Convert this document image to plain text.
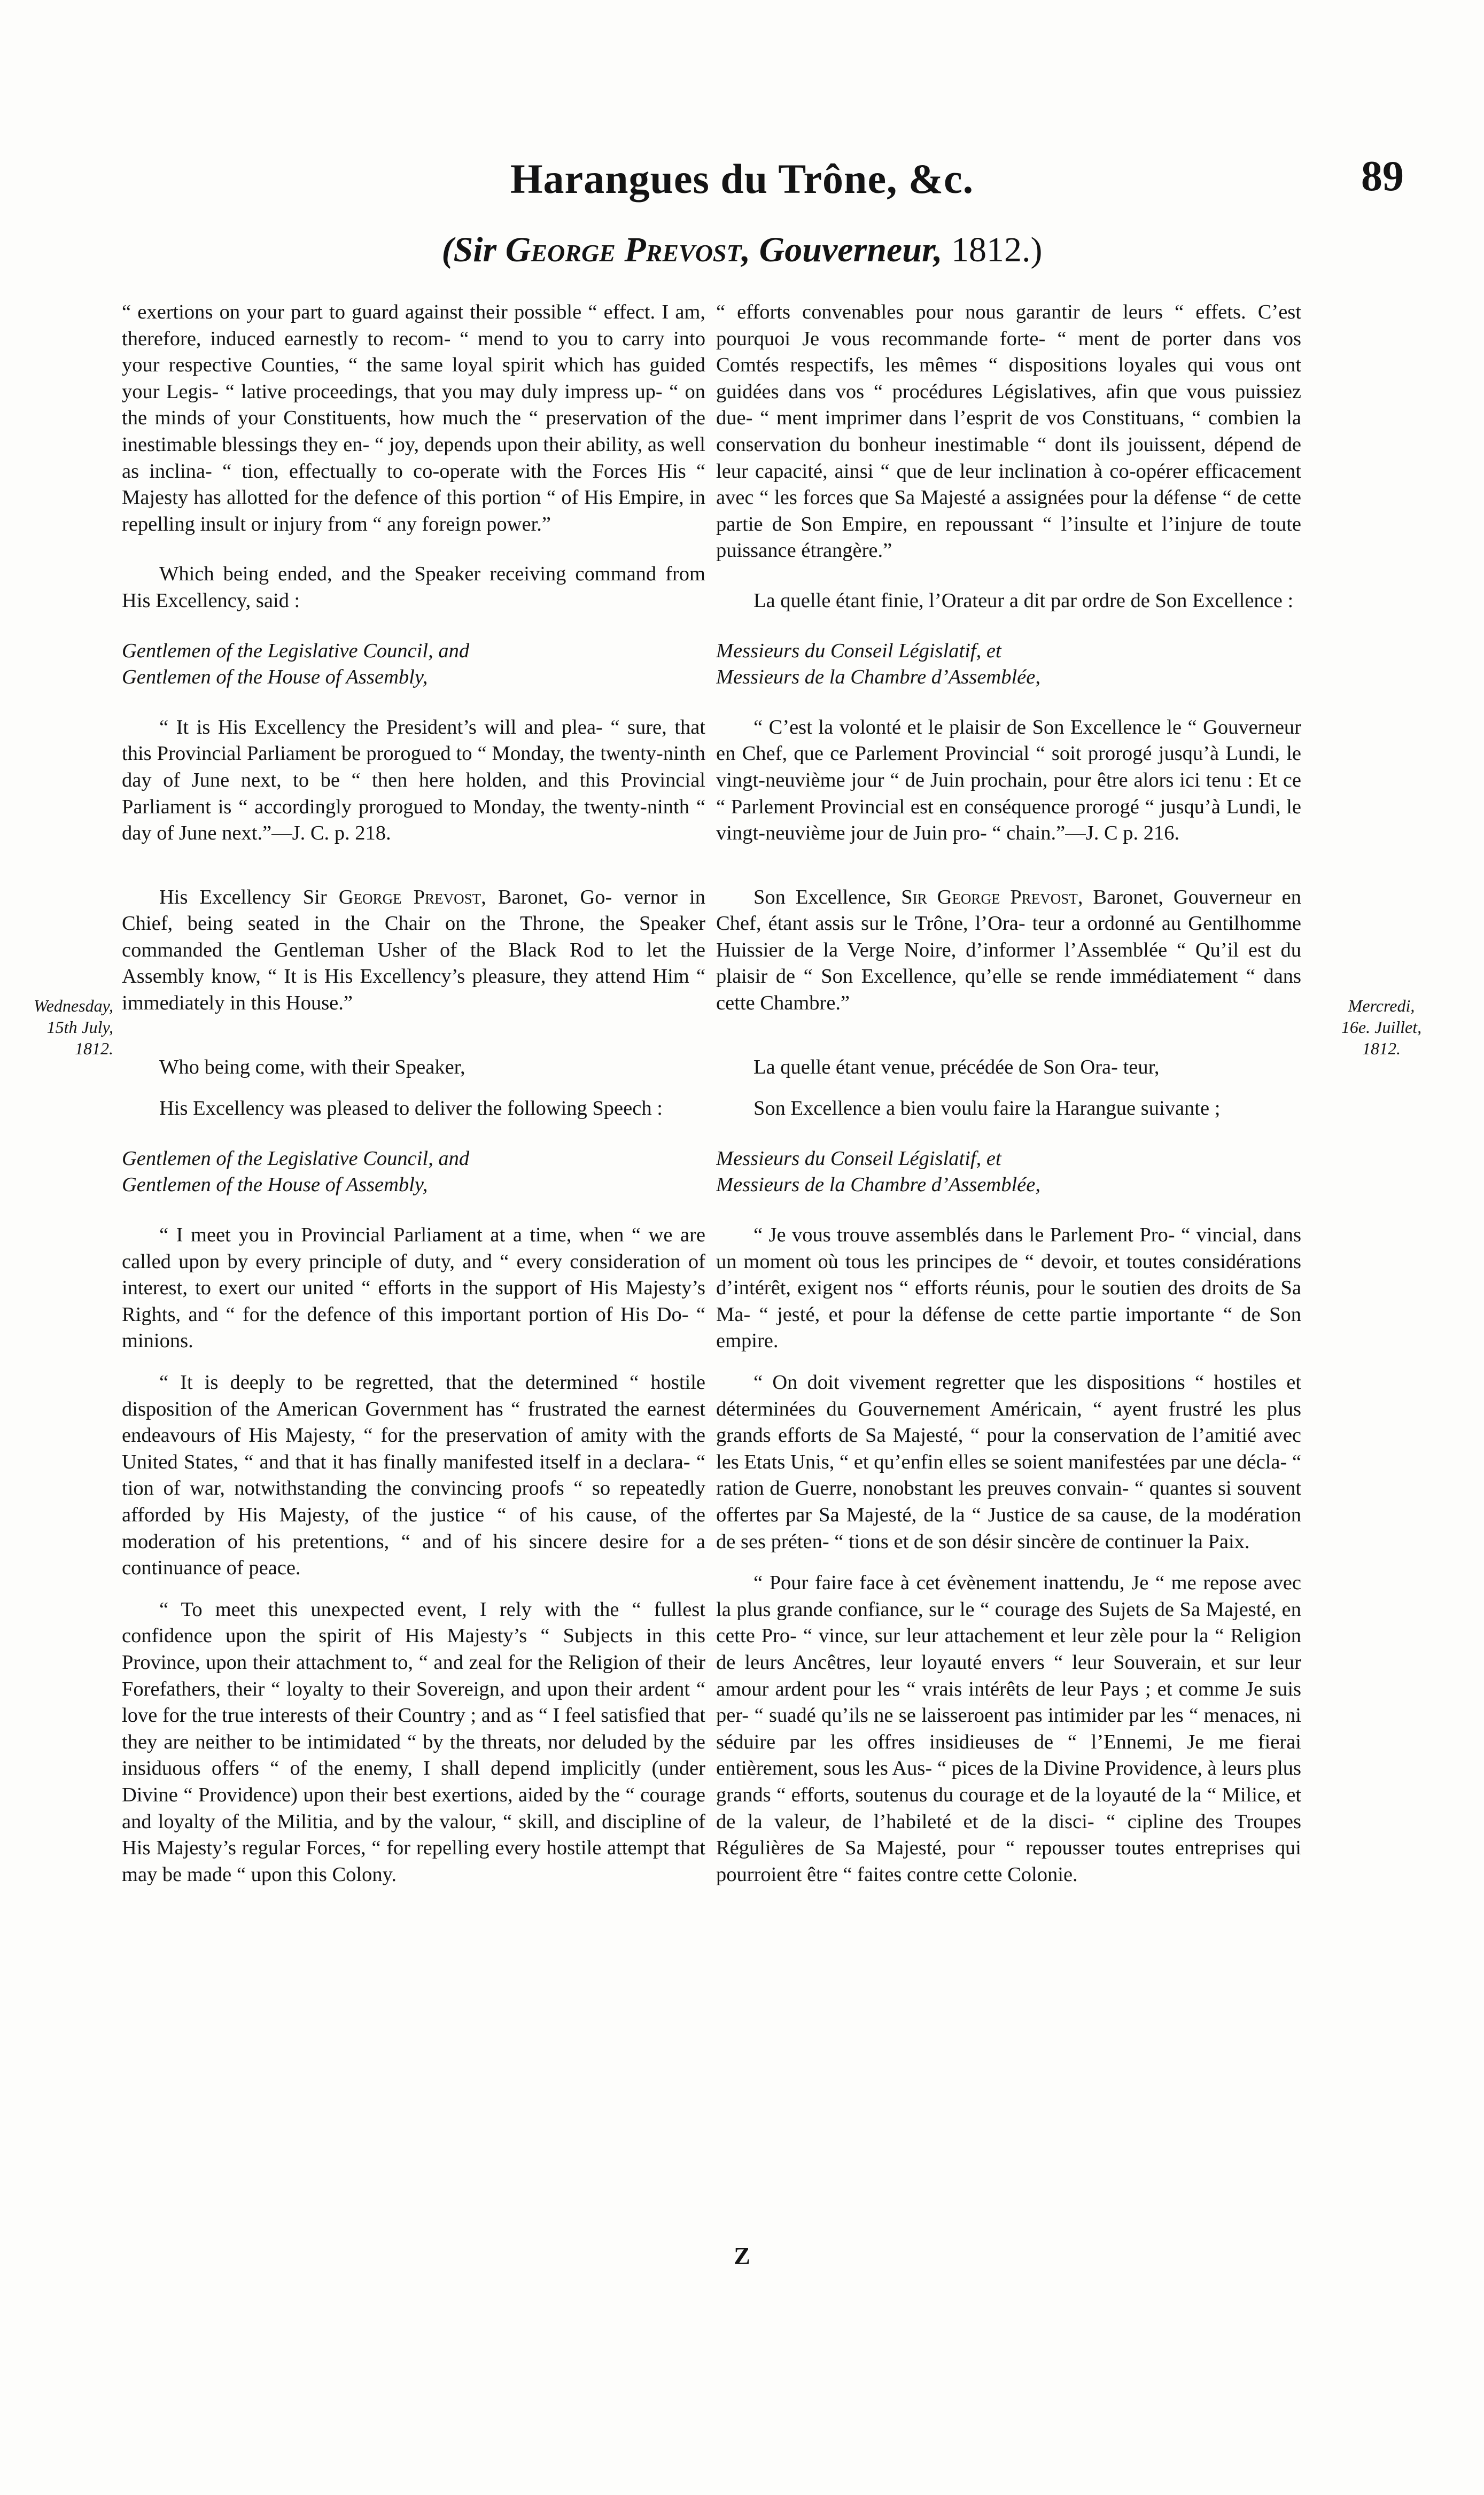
Harangues du Trône, &c.	89
(Sir George Prevost, Gouverneur, 1812.)
Wednesday,
15th July,
1812.
Mercredi,
16e. Juillet,
1812.

“ exertions on your part to guard against their possible “ effect. I am, therefore, induced earnestly to recom- “ mend to you to carry into your respective Counties, “ the same loyal spirit which has guided your Legis- “ lative proceedings, that you may duly impress up- “ on the minds of your Constituents, how much the “ preservation of the inestimable blessings they en- “ joy, depends upon their ability, as well as inclina- “ tion, effectually to co-operate with the Forces His “ Majesty has allotted for the defence of this portion “ of His Empire, in repelling insult or injury from “ any foreign power.”

Which being ended, and the Speaker receiving command from His Excellency, said :

Gentlemen of the Legislative Council, and

Gentlemen of the House of Assembly,

“ It is His Excellency the President’s will and plea- “ sure, that this Provincial Parliament be prorogued to “ Monday, the twenty-ninth day of June next, to be “ then here holden, and this Provincial Parliament is “ accordingly prorogued to Monday, the twenty-ninth “ day of June next.”—J. C. p. 218.

His Excellency Sir George Prevost, Baronet, Go- vernor in Chief, being seated in the Chair on the Throne, the Speaker commanded the Gentleman Usher of the Black Rod to let the Assembly know, “ It is His Excellency’s pleasure, they attend Him “ immediately in this House.”

Who being come, with their Speaker,

His Excellency was pleased to deliver the following Speech :

Gentlemen of the Legislative Council, and

Gentlemen of the House of Assembly,

“ I meet you in Provincial Parliament at a time, when “ we are called upon by every principle of duty, and “ every consideration of interest, to exert our united “ efforts in the support of His Majesty’s Rights, and “ for the defence of this important portion of His Do- “ minions.

“ It is deeply to be regretted, that the determined “ hostile disposition of the American Government has “ frustrated the earnest endeavours of His Majesty, “ for the preservation of amity with the United States, “ and that it has finally manifested itself in a declara- “ tion of war, notwithstanding the convincing proofs “ so repeatedly afforded by His Majesty, of the justice “ of his cause, of the moderation of his pretentions, “ and of his sincere desire for a continuance of peace.

“ To meet this unexpected event, I rely with the “ fullest confidence upon the spirit of His Majesty’s “ Subjects in this Province, upon their attachment to, “ and zeal for the Religion of their Forefathers, their “ loyalty to their Sovereign, and upon their ardent “ love for the true interests of their Country ; and as “ I feel satisfied that they are neither to be intimidated “ by the threats, nor deluded by the insiduous offers “ of the enemy, I shall depend implicitly (under Divine “ Providence) upon their best exertions, aided by the “ courage and loyalty of the Militia, and by the valour, “ skill, and discipline of His Majesty’s regular Forces, “ for repelling every hostile attempt that may be made “ upon this Colony.

“ efforts convenables pour nous garantir de leurs “ effets. C’est pourquoi Je vous recommande forte- “ ment de porter dans vos Comtés respectifs, les mêmes “ dispositions loyales qui vous ont guidées dans vos “ procédures Législatives, afin que vous puissiez due- “ ment imprimer dans l’esprit de vos Constituans, “ combien la conservation du bonheur inestimable “ dont ils jouissent, dépend de leur capacité, ainsi “ que de leur inclination à co-opérer efficacement avec “ les forces que Sa Majesté a assignées pour la défense “ de cette partie de Son Empire, en repoussant “ l’insulte et l’injure de toute puissance étrangère.”

La quelle étant finie, l’Orateur a dit par ordre de Son Excellence :

Messieurs du Conseil Législatif, et

Messieurs de la Chambre d’Assemblée,

“ C’est la volonté et le plaisir de Son Excellence le “ Gouverneur en Chef, que ce Parlement Provincial “ soit prorogé jusqu’à Lundi, le vingt-neuvième jour “ de Juin prochain, pour être alors ici tenu : Et ce “ Parlement Provincial est en conséquence prorogé “ jusqu’à Lundi, le vingt-neuvième jour de Juin pro- “ chain.”—J. C p. 216.

Son Excellence, Sir George Prevost, Baronet, Gouverneur en Chef, étant assis sur le Trône, l’Ora- teur a ordonné au Gentilhomme Huissier de la Verge Noire, d’informer l’Assemblée “ Qu’il est du plaisir de “ Son Excellence, qu’elle se rende immédiatement “ dans cette Chambre.”

La quelle étant venue, précédée de Son Ora- teur,

Son Excellence a bien voulu faire la Harangue suivante ;

Messieurs du Conseil Législatif, et

Messieurs de la Chambre d’Assemblée,

“ Je vous trouve assemblés dans le Parlement Pro- “ vincial, dans un moment où tous les principes de “ devoir, et toutes considérations d’intérêt, exigent nos “ efforts réunis, pour le soutien des droits de Sa Ma- “ jesté, et pour la défense de cette partie importante “ de Son empire.

“ On doit vivement regretter que les dispositions “ hostiles et déterminées du Gouvernement Américain, “ ayent frustré les plus grands efforts de Sa Majesté, “ pour la conservation de l’amitié avec les Etats Unis, “ et qu’enfin elles se soient manifestées par une décla- “ ration de Guerre, nonobstant les preuves convain- “ quantes si souvent offertes par Sa Majesté, de la “ Justice de sa cause, de la modération de ses préten- “ tions et de son désir sincère de continuer la Paix.

“ Pour faire face à cet évènement inattendu, Je “ me repose avec la plus grande confiance, sur le “ courage des Sujets de Sa Majesté, en cette Pro- “ vince, sur leur attachement et leur zèle pour la “ Religion de leurs Ancêtres, leur loyauté envers “ leur Souverain, et sur leur amour ardent pour les “ vrais intérêts de leur Pays ; et comme Je suis per- “ suadé qu’ils ne se laisseroent pas intimider par les “ menaces, ni séduire par les offres insidieuses de “ l’Ennemi, Je me fierai entièrement, sous les Aus- “ pices de la Divine Providence, à leurs plus grands “ efforts, soutenus du courage et de la loyauté de la “ Milice, et de la valeur, de l’habileté et de la disci- “ cipline des Troupes Régulières de Sa Majesté, pour “ repousser toutes entreprises qui pourroient être “ faites contre cette Colonie.

Z
